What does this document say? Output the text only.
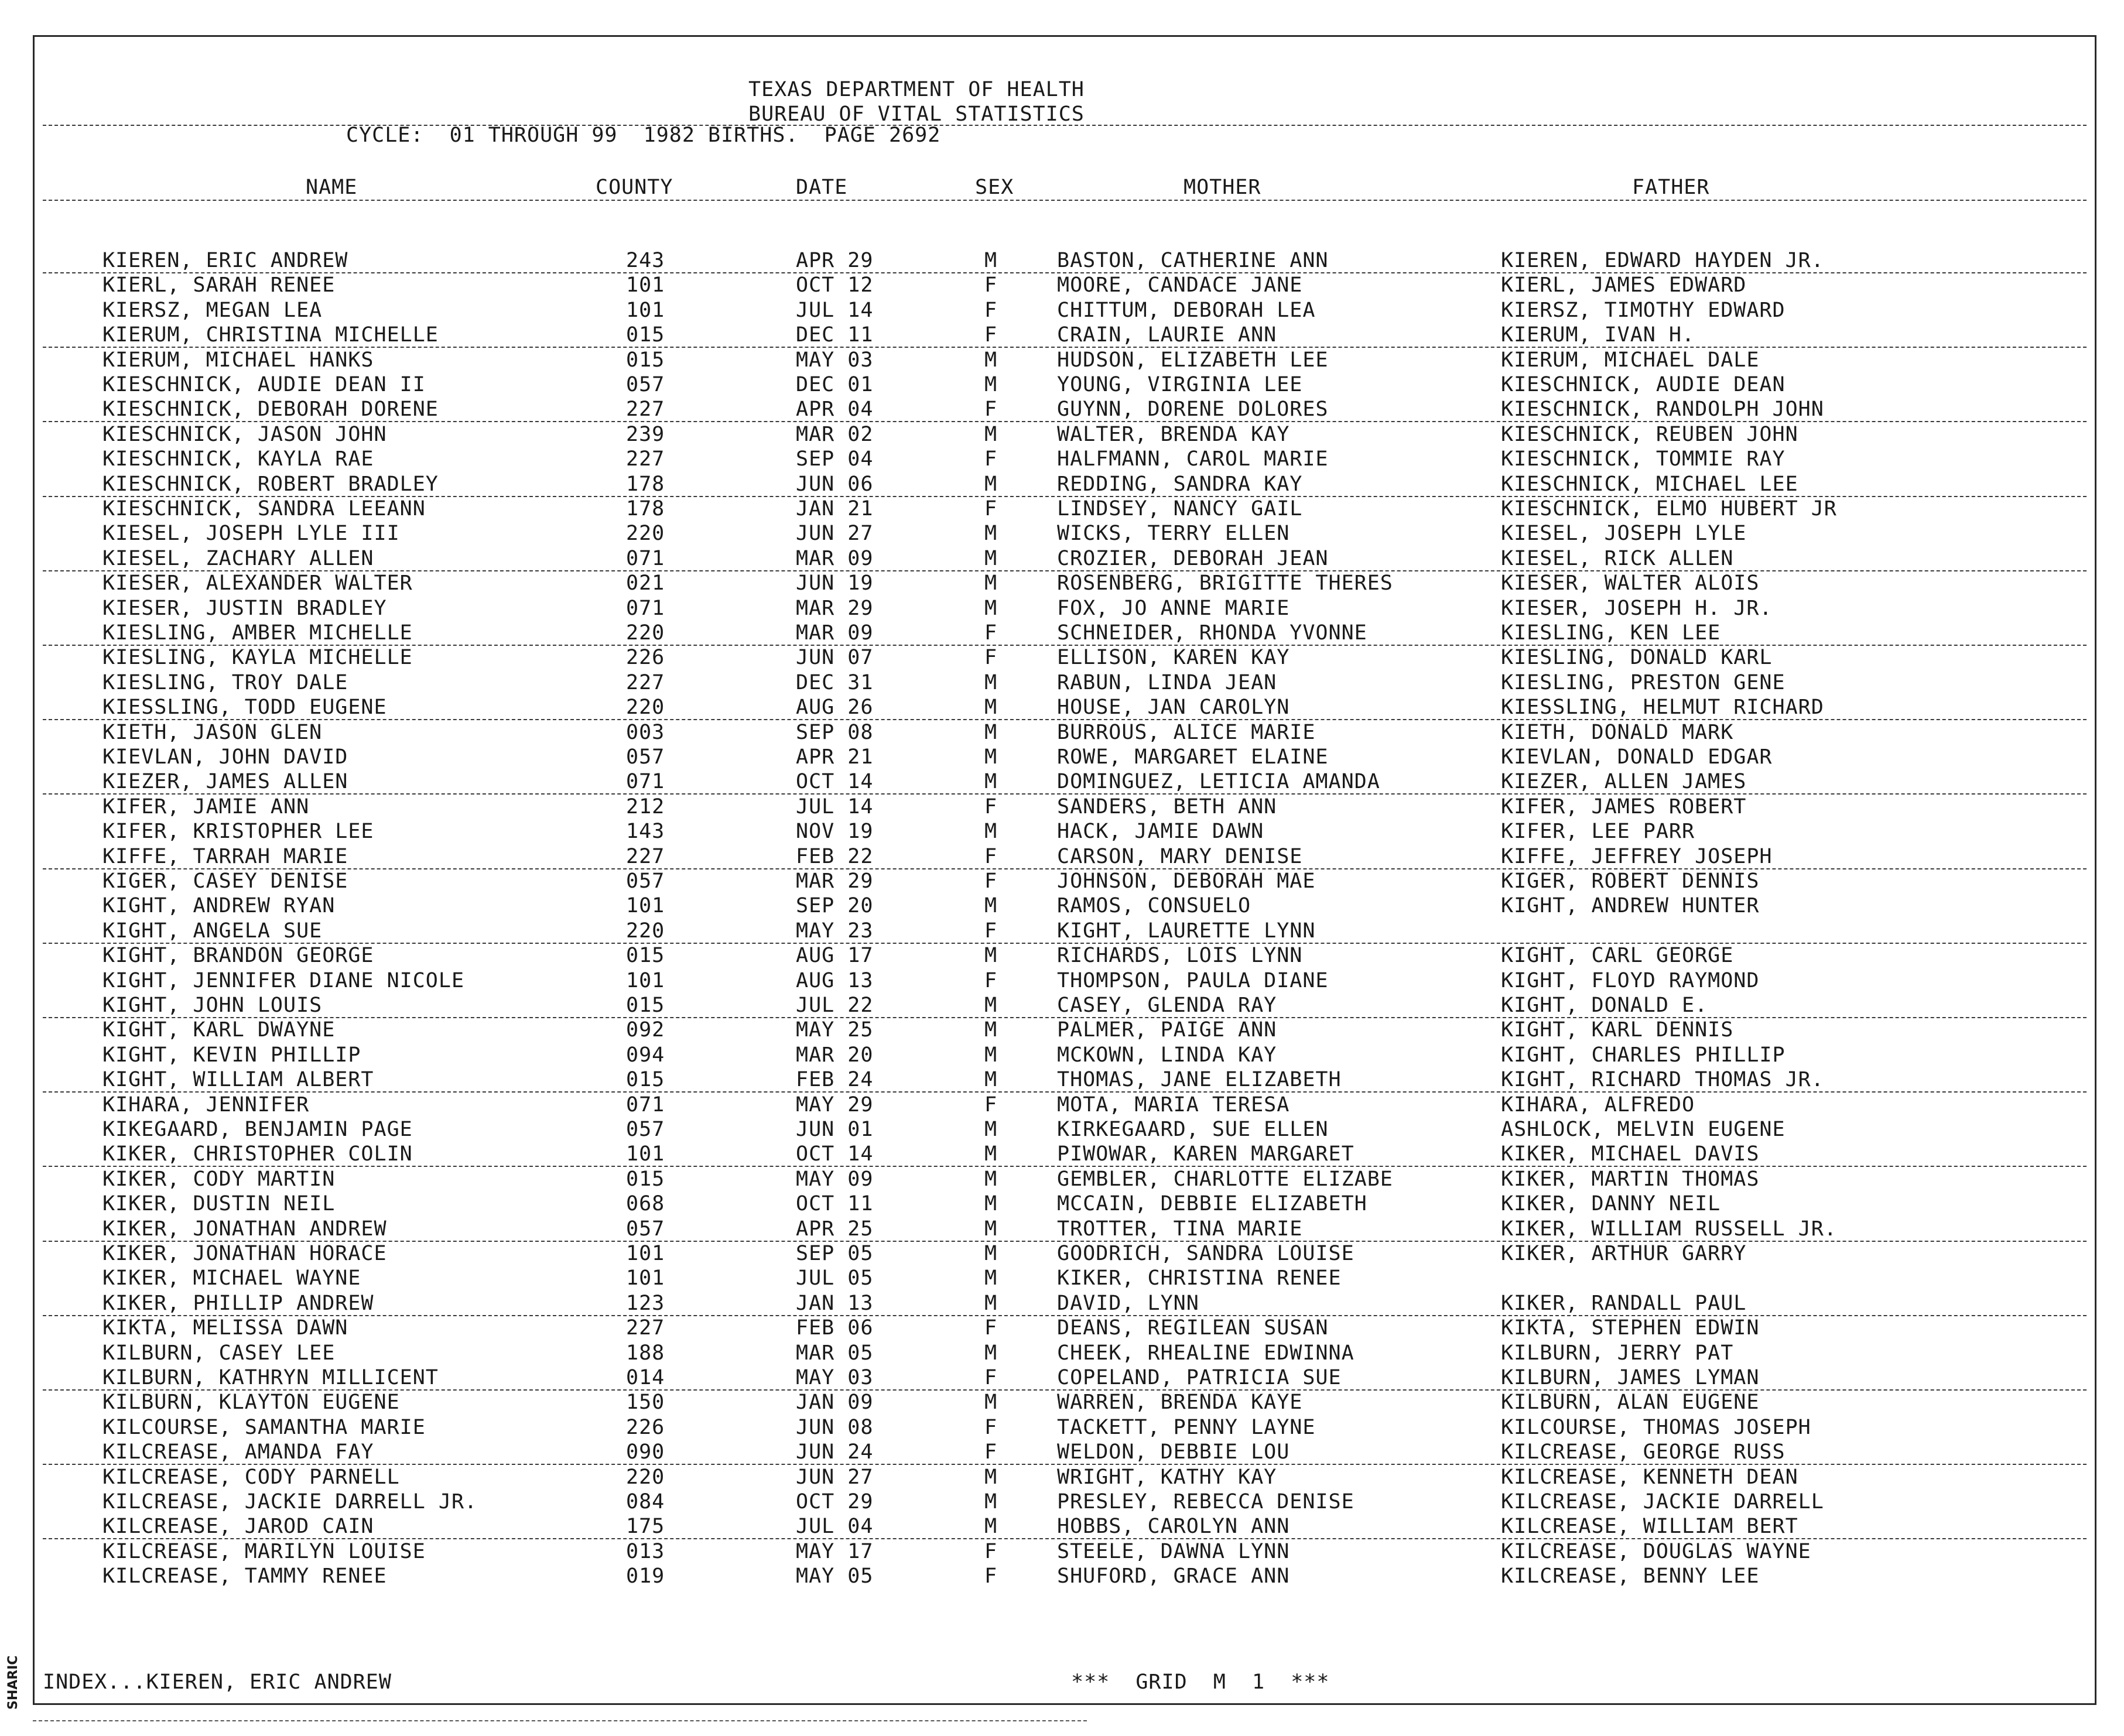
TEXAS DEPARTMENT OF HEALTH
BUREAU OF VITAL STATISTICS
CYCLE:  01 THROUGH 99  1982 BIRTHS.  PAGE 2692
NAME	COUNTY	DATE	SEX	MOTHER	FATHER
KIEREN, ERIC ANDREW	243	APR 29	M	BASTON, CATHERINE ANN	KIEREN, EDWARD HAYDEN JR.
KIERL, SARAH RENEE	101	OCT 12	F	MOORE, CANDACE JANE	KIERL, JAMES EDWARD
KIERSZ, MEGAN LEA	101	JUL 14	F	CHITTUM, DEBORAH LEA	KIERSZ, TIMOTHY EDWARD
KIERUM, CHRISTINA MICHELLE	015	DEC 11	F	CRAIN, LAURIE ANN	KIERUM, IVAN H.
KIERUM, MICHAEL HANKS	015	MAY 03	M	HUDSON, ELIZABETH LEE	KIERUM, MICHAEL DALE
KIESCHNICK, AUDIE DEAN II	057	DEC 01	M	YOUNG, VIRGINIA LEE	KIESCHNICK, AUDIE DEAN
KIESCHNICK, DEBORAH DORENE	227	APR 04	F	GUYNN, DORENE DOLORES	KIESCHNICK, RANDOLPH JOHN
KIESCHNICK, JASON JOHN	239	MAR 02	M	WALTER, BRENDA KAY	KIESCHNICK, REUBEN JOHN
KIESCHNICK, KAYLA RAE	227	SEP 04	F	HALFMANN, CAROL MARIE	KIESCHNICK, TOMMIE RAY
KIESCHNICK, ROBERT BRADLEY	178	JUN 06	M	REDDING, SANDRA KAY	KIESCHNICK, MICHAEL LEE
KIESCHNICK, SANDRA LEEANN	178	JAN 21	F	LINDSEY, NANCY GAIL	KIESCHNICK, ELMO HUBERT JR
KIESEL, JOSEPH LYLE III	220	JUN 27	M	WICKS, TERRY ELLEN	KIESEL, JOSEPH LYLE
KIESEL, ZACHARY ALLEN	071	MAR 09	M	CROZIER, DEBORAH JEAN	KIESEL, RICK ALLEN
KIESER, ALEXANDER WALTER	021	JUN 19	M	ROSENBERG, BRIGITTE THERES	KIESER, WALTER ALOIS
KIESER, JUSTIN BRADLEY	071	MAR 29	M	FOX, JO ANNE MARIE	KIESER, JOSEPH H. JR.
KIESLING, AMBER MICHELLE	220	MAR 09	F	SCHNEIDER, RHONDA YVONNE	KIESLING, KEN LEE
KIESLING, KAYLA MICHELLE	226	JUN 07	F	ELLISON, KAREN KAY	KIESLING, DONALD KARL
KIESLING, TROY DALE	227	DEC 31	M	RABUN, LINDA JEAN	KIESLING, PRESTON GENE
KIESSLING, TODD EUGENE	220	AUG 26	M	HOUSE, JAN CAROLYN	KIESSLING, HELMUT RICHARD
KIETH, JASON GLEN	003	SEP 08	M	BURROUS, ALICE MARIE	KIETH, DONALD MARK
KIEVLAN, JOHN DAVID	057	APR 21	M	ROWE, MARGARET ELAINE	KIEVLAN, DONALD EDGAR
KIEZER, JAMES ALLEN	071	OCT 14	M	DOMINGUEZ, LETICIA AMANDA	KIEZER, ALLEN JAMES
KIFER, JAMIE ANN	212	JUL 14	F	SANDERS, BETH ANN	KIFER, JAMES ROBERT
KIFER, KRISTOPHER LEE	143	NOV 19	M	HACK, JAMIE DAWN	KIFER, LEE PARR
KIFFE, TARRAH MARIE	227	FEB 22	F	CARSON, MARY DENISE	KIFFE, JEFFREY JOSEPH
KIGER, CASEY DENISE	057	MAR 29	F	JOHNSON, DEBORAH MAE	KIGER, ROBERT DENNIS
KIGHT, ANDREW RYAN	101	SEP 20	M	RAMOS, CONSUELO	KIGHT, ANDREW HUNTER
KIGHT, ANGELA SUE	220	MAY 23	F	KIGHT, LAURETTE LYNN
KIGHT, BRANDON GEORGE	015	AUG 17	M	RICHARDS, LOIS LYNN	KIGHT, CARL GEORGE
KIGHT, JENNIFER DIANE NICOLE	101	AUG 13	F	THOMPSON, PAULA DIANE	KIGHT, FLOYD RAYMOND
KIGHT, JOHN LOUIS	015	JUL 22	M	CASEY, GLENDA RAY	KIGHT, DONALD E.
KIGHT, KARL DWAYNE	092	MAY 25	M	PALMER, PAIGE ANN	KIGHT, KARL DENNIS
KIGHT, KEVIN PHILLIP	094	MAR 20	M	MCKOWN, LINDA KAY	KIGHT, CHARLES PHILLIP
KIGHT, WILLIAM ALBERT	015	FEB 24	M	THOMAS, JANE ELIZABETH	KIGHT, RICHARD THOMAS JR.
KIHARA, JENNIFER	071	MAY 29	F	MOTA, MARIA TERESA	KIHARA, ALFREDO
KIKEGAARD, BENJAMIN PAGE	057	JUN 01	M	KIRKEGAARD, SUE ELLEN	ASHLOCK, MELVIN EUGENE
KIKER, CHRISTOPHER COLIN	101	OCT 14	M	PIWOWAR, KAREN MARGARET	KIKER, MICHAEL DAVIS
KIKER, CODY MARTIN	015	MAY 09	M	GEMBLER, CHARLOTTE ELIZABE	KIKER, MARTIN THOMAS
KIKER, DUSTIN NEIL	068	OCT 11	M	MCCAIN, DEBBIE ELIZABETH	KIKER, DANNY NEIL
KIKER, JONATHAN ANDREW	057	APR 25	M	TROTTER, TINA MARIE	KIKER, WILLIAM RUSSELL JR.
KIKER, JONATHAN HORACE	101	SEP 05	M	GOODRICH, SANDRA LOUISE	KIKER, ARTHUR GARRY
KIKER, MICHAEL WAYNE	101	JUL 05	M	KIKER, CHRISTINA RENEE
KIKER, PHILLIP ANDREW	123	JAN 13	M	DAVID, LYNN	KIKER, RANDALL PAUL
KIKTA, MELISSA DAWN	227	FEB 06	F	DEANS, REGILEAN SUSAN	KIKTA, STEPHEN EDWIN
KILBURN, CASEY LEE	188	MAR 05	M	CHEEK, RHEALINE EDWINNA	KILBURN, JERRY PAT
KILBURN, KATHRYN MILLICENT	014	MAY 03	F	COPELAND, PATRICIA SUE	KILBURN, JAMES LYMAN
KILBURN, KLAYTON EUGENE	150	JAN 09	M	WARREN, BRENDA KAYE	KILBURN, ALAN EUGENE
KILCOURSE, SAMANTHA MARIE	226	JUN 08	F	TACKETT, PENNY LAYNE	KILCOURSE, THOMAS JOSEPH
KILCREASE, AMANDA FAY	090	JUN 24	F	WELDON, DEBBIE LOU	KILCREASE, GEORGE RUSS
KILCREASE, CODY PARNELL	220	JUN 27	M	WRIGHT, KATHY KAY	KILCREASE, KENNETH DEAN
KILCREASE, JACKIE DARRELL JR.	084	OCT 29	M	PRESLEY, REBECCA DENISE	KILCREASE, JACKIE DARRELL
KILCREASE, JAROD CAIN	175	JUL 04	M	HOBBS, CAROLYN ANN	KILCREASE, WILLIAM BERT
KILCREASE, MARILYN LOUISE	013	MAY 17	F	STEELE, DAWNA LYNN	KILCREASE, DOUGLAS WAYNE
KILCREASE, TAMMY RENEE	019	MAY 05	F	SHUFORD, GRACE ANN	KILCREASE, BENNY LEE
INDEX...KIEREN, ERIC ANDREW	***  GRID  M  1  ***
SHARIC
